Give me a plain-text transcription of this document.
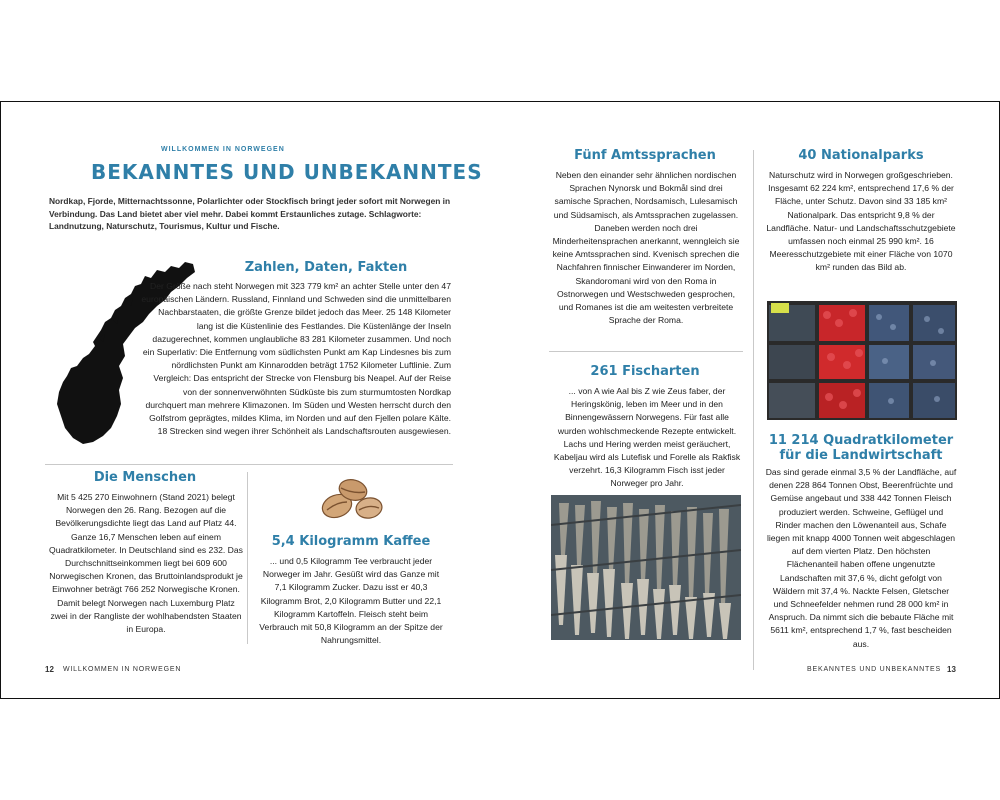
WILLKOMMEN IN NORWEGEN
BEKANNTES UND UNBEKANNTES
Nordkap, Fjorde, Mitternachtssonne, Polarlichter oder Stockfisch bringt jeder sofort mit Norwegen in Verbindung. Das Land bietet aber viel mehr. Dabei kommt Erstaunliches zutage. Schlagworte: Landnutzung, Naturschutz, Tourismus, Kultur und Fische.
Zahlen, Daten, Fakten
Der Größe nach steht Norwegen mit 323 779 km² an achter Stelle unter den 47 europäischen Ländern. Russland, Finnland und Schweden sind die unmittelbaren Nachbarstaaten, die größte Grenze bildet jedoch das Meer. 25 148 Kilometer lang ist die Küstenlinie des Festlandes. Die Küstenlänge der Inseln dazugerechnet, kommen unglaubliche 83 281 Kilometer zusammen. Und noch ein Superlativ: Die Entfernung vom südlichsten Punkt am Kap Lindesnes bis zum nördlichsten Punkt am Kinnarodden beträgt 1752 Kilometer Luftlinie. Zum Vergleich: Das entspricht der Strecke von Flensburg bis Neapel. Auf der Reise von der sonnenverwöhnten Südküste bis zum sturmumtosten Nordkap durchquert man mehrere Klimazonen. Im Süden und Westen herrscht durch den Golfstrom geprägtes, mildes Klima, im Norden und auf den Fjellen polare Kälte. 18 Strecken sind wegen ihrer Schönheit als Landschaftsrouten ausgewiesen.
Die Menschen
Mit 5 425 270 Einwohnern (Stand 2021) belegt Norwegen den 26. Rang. Bezogen auf die Bevölkerungsdichte liegt das Land auf Platz 44. Ganze 16,7 Menschen leben auf einem Quadratkilometer. In Deutschland sind es 232. Das Durchschnittseinkommen liegt bei 609 600 Norwegischen Kronen, das Bruttoinlandsprodukt je Einwohner beträgt 766 252 Norwegische Kronen. Damit belegt Norwegen nach Luxemburg Platz zwei in der Rangliste der wohlhabendsten Staaten in Europa.
5,4 Kilogramm Kaffee
... und 0,5 Kilogramm Tee verbraucht jeder Norweger im Jahr. Gesüßt wird das Ganze mit 7,1 Kilogramm Zucker. Dazu isst er 40,3 Kilogramm Brot, 2,0 Kilogramm Butter und 22,1 Kilogramm Kartoffeln. Fleisch steht beim Verbrauch mit 50,8 Kilogramm an der Spitze der Nahrungsmittel.
12 WILLKOMMEN IN NORWEGEN
Fünf Amtssprachen
Neben den einander sehr ähnlichen nordischen Sprachen Nynorsk und Bokmål sind drei samische Sprachen, Nordsamisch, Lulesamisch und Südsamisch, als Amtssprachen zugelassen. Daneben werden noch drei Minderheitensprachen anerkannt, wenngleich sie keine Amtssprachen sind. Kvenisch sprechen die Nachfahren finnischer Einwanderer im Norden, Skandoromani wird von den Roma in Ostnorwegen und Westschweden gesprochen, und Romanes ist die am weitesten verbreitete Sprache der Roma.
261 Fischarten
... von A wie Aal bis Z wie Zeus faber, der Heringskönig, leben im Meer und in den Binnengewässern Norwegens. Für fast alle wurden wohlschmeckende Rezepte entwickelt. Lachs und Hering werden meist geräuchert, Kabeljau wird als Lutefisk und Forelle als Rakfisk verzehrt. 16,3 Kilogramm Fisch isst jeder Norweger pro Jahr.
40 Nationalparks
Naturschutz wird in Norwegen großgeschrieben. Insgesamt 62 224 km², entsprechend 17,6 % der Fläche, unter Schutz. Davon sind 33 185 km² Nationalpark. Das entspricht 9,8 % der Landfläche. Natur- und Landschaftsschutzgebiete umfassen noch einmal 25 990 km². 16 Meeresschutzgebiete mit einer Fläche von 1070 km² runden das Bild ab.
11 214 Quadratkilometer
für die Landwirtschaft
Das sind gerade einmal 3,5 % der Landfläche, auf denen 228 864 Tonnen Obst, Beerenfrüchte und Gemüse angebaut und 338 442 Tonnen Fleisch produziert werden. Schweine, Geflügel und Rinder machen den Löwenanteil aus, Schafe liegen mit knapp 4000 Tonnen weit abgeschlagen auf dem vierten Platz. Den höchsten Flächenanteil haben offene ungenutzte Landschaften mit 37,6 %, dicht gefolgt von Wäldern mit 37,4 %. Nackte Felsen, Gletscher und Schneefelder nehmen rund 28 000 km² in Anspruch. Da nimmt sich die bebaute Fläche mit 5611 km², entsprechend 1,7 %, fast bescheiden aus.
BEKANNTES UND UNBEKANNTES 13
